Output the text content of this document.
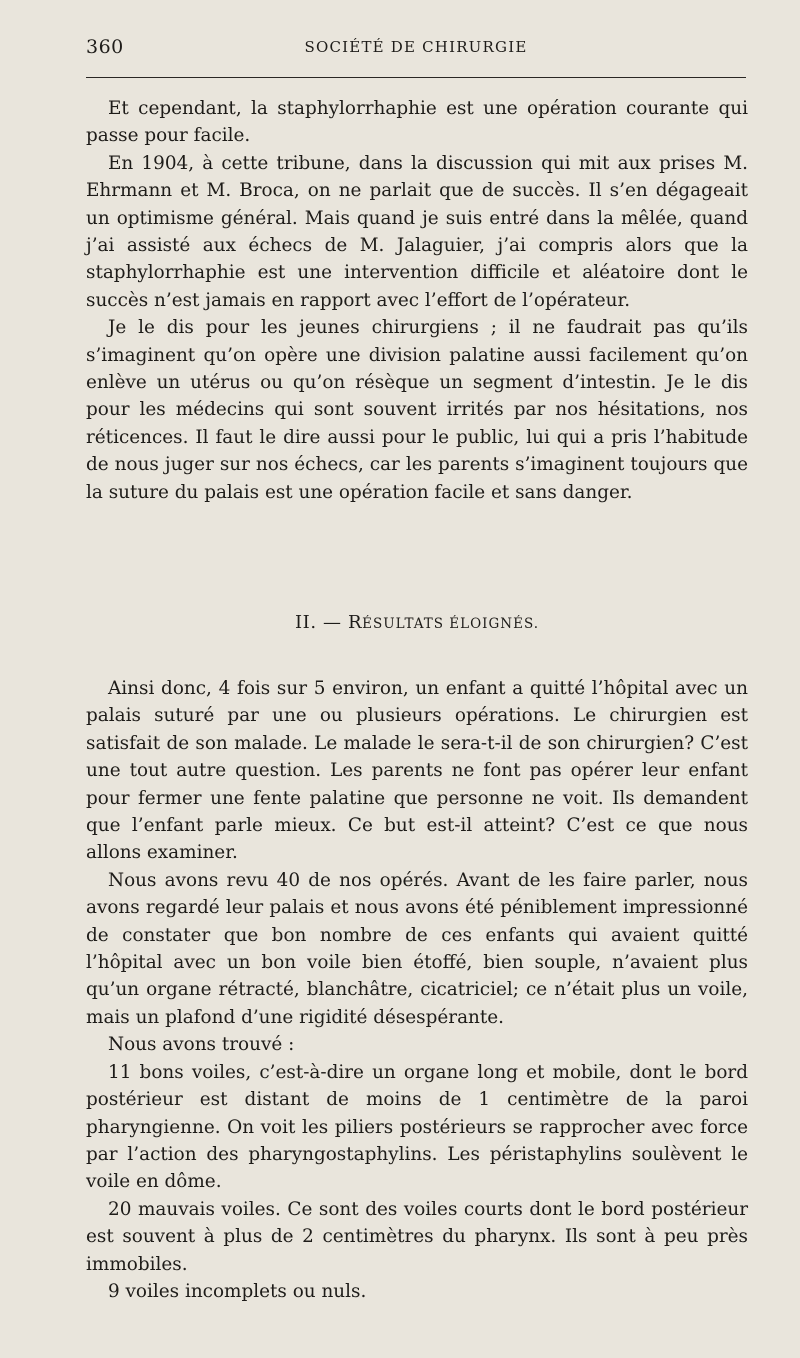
360	SOCIÉTÉ DE CHIRURGIE

Et cependant, la staphylorrhaphie est une opération courante qui passe pour facile.

En 1904, à cette tribune, dans la discussion qui mit aux prises M. Ehrmann et M. Broca, on ne parlait que de succès. Il s’en dégageait un optimisme général. Mais quand je suis entré dans la mêlée, quand j’ai assisté aux échecs de M. Jalaguier, j’ai compris alors que la staphylorrhaphie est une intervention difficile et aléatoire dont le succès n’est jamais en rapport avec l’effort de l’opérateur.

Je le dis pour les jeunes chirurgiens ; il ne faudrait pas qu’ils s’imaginent qu’on opère une division palatine aussi facilement qu’on enlève un utérus ou qu’on résèque un segment d’intestin. Je le dis pour les médecins qui sont souvent irrités par nos hésitations, nos réticences. Il faut le dire aussi pour le public, lui qui a pris l’habitude de nous juger sur nos échecs, car les parents s’imaginent toujours que la suture du palais est une opération facile et sans danger.

II. — RÉSULTATS ÉLOIGNÉS.

Ainsi donc, 4 fois sur 5 environ, un enfant a quitté l’hôpital avec un palais suturé par une ou plusieurs opérations. Le chirurgien est satisfait de son malade. Le malade le sera-t-il de son chirurgien? C’est une tout autre question. Les parents ne font pas opérer leur enfant pour fermer une fente palatine que personne ne voit. Ils demandent que l’enfant parle mieux. Ce but est-il atteint? C’est ce que nous allons examiner.

Nous avons revu 40 de nos opérés. Avant de les faire parler, nous avons regardé leur palais et nous avons été péniblement impressionné de constater que bon nombre de ces enfants qui avaient quitté l’hôpital avec un bon voile bien étoffé, bien souple, n’avaient plus qu’un organe rétracté, blanchâtre, cicatriciel; ce n’était plus un voile, mais un plafond d’une rigidité désespérante.

Nous avons trouvé :

11 bons voiles, c’est-à-dire un organe long et mobile, dont le bord postérieur est distant de moins de 1 centimètre de la paroi pharyngienne. On voit les piliers postérieurs se rapprocher avec force par l’action des pharyngostaphylins. Les péristaphylins soulèvent le voile en dôme.

20 mauvais voiles. Ce sont des voiles courts dont le bord postérieur est souvent à plus de 2 centimètres du pharynx. Ils sont à peu près immobiles.

9 voiles incomplets ou nuls.
